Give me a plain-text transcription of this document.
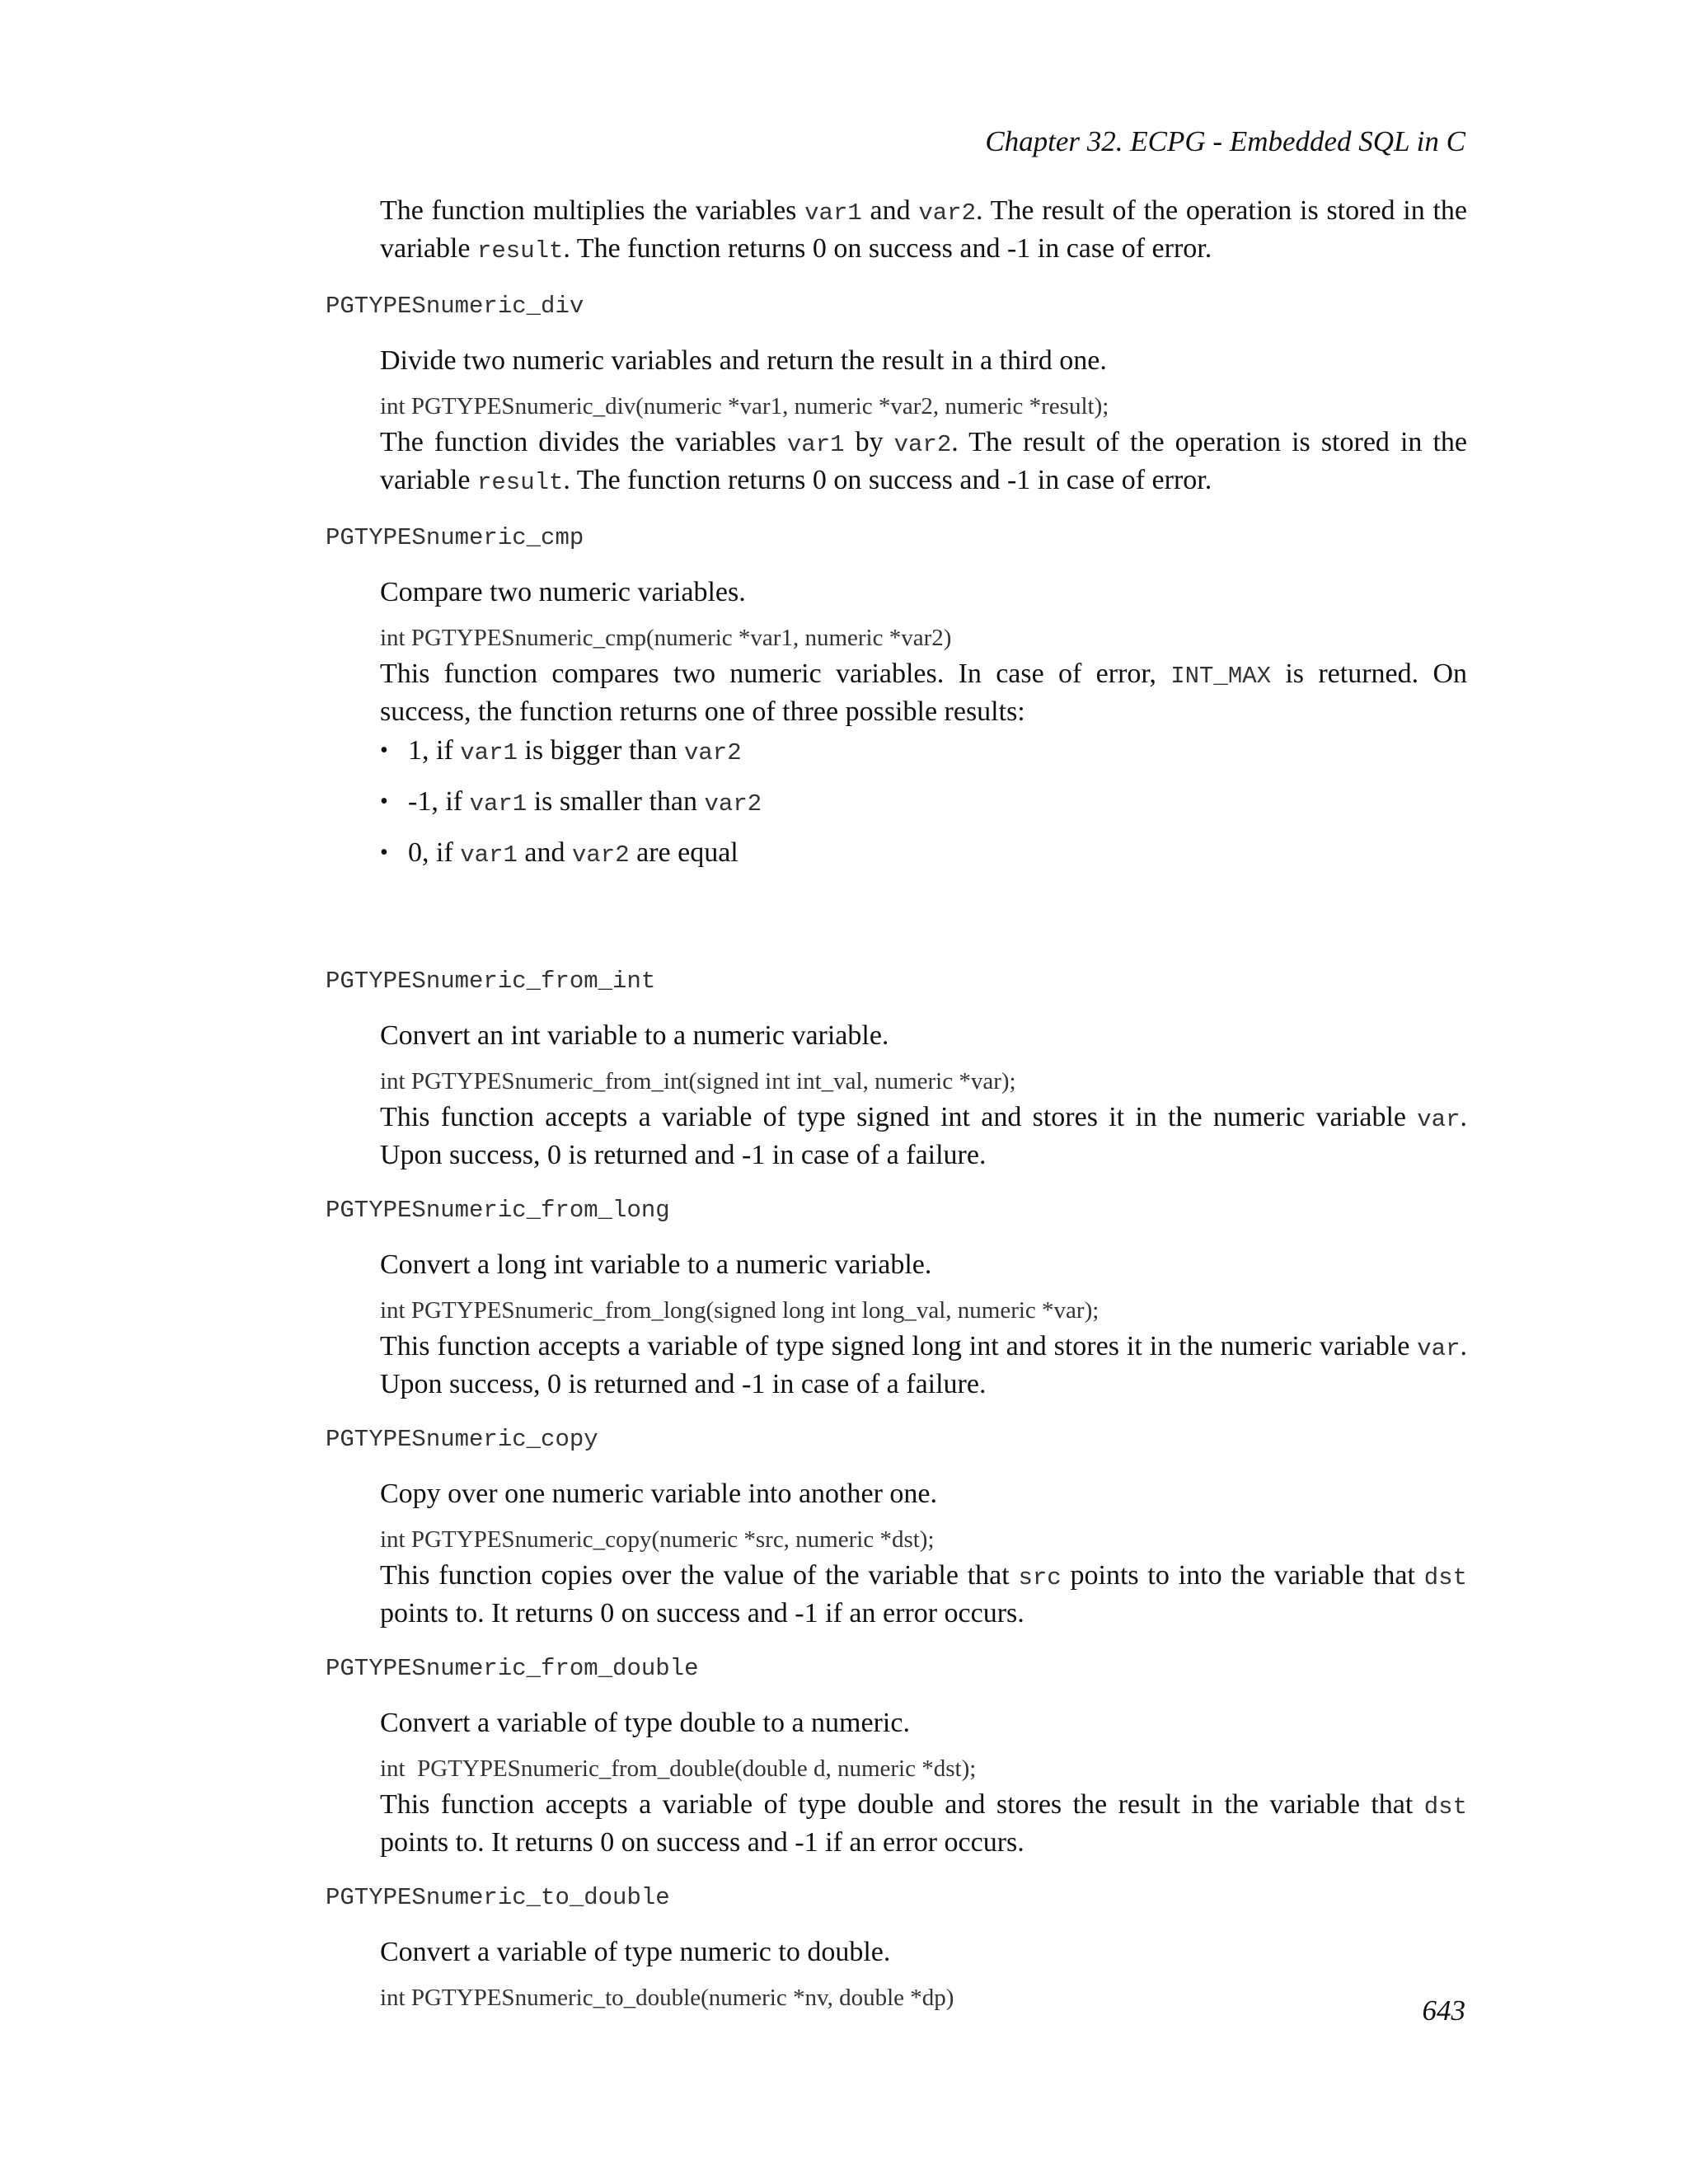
Chapter 32. ECPG - Embedded SQL in C

The function multiplies the variables var1 and var2. The result of the operation is stored in the variable result. The function returns 0 on success and -1 in case of error.

PGTYPESnumeric_div

Divide two numeric variables and return the result in a third one.

int PGTYPESnumeric_div(numeric *var1, numeric *var2, numeric *result);

The function divides the variables var1 by var2. The result of the operation is stored in the variable result. The function returns 0 on success and -1 in case of error.

PGTYPESnumeric_cmp

Compare two numeric variables.

int PGTYPESnumeric_cmp(numeric *var1, numeric *var2)

This function compares two numeric variables. In case of error, INT_MAX is returned. On success, the function returns one of three possible results:

• 1, if var1 is bigger than var2
• -1, if var1 is smaller than var2
• 0, if var1 and var2 are equal
PGTYPESnumeric_from_int

Convert an int variable to a numeric variable.

int PGTYPESnumeric_from_int(signed int int_val, numeric *var);

This function accepts a variable of type signed int and stores it in the numeric variable var. Upon success, 0 is returned and -1 in case of a failure.

PGTYPESnumeric_from_long

Convert a long int variable to a numeric variable.

int PGTYPESnumeric_from_long(signed long int long_val, numeric *var);

This function accepts a variable of type signed long int and stores it in the numeric variable var. Upon success, 0 is returned and -1 in case of a failure.

PGTYPESnumeric_copy

Copy over one numeric variable into another one.

int PGTYPESnumeric_copy(numeric *src, numeric *dst);

This function copies over the value of the variable that src points to into the variable that dst points to. It returns 0 on success and -1 if an error occurs.

PGTYPESnumeric_from_double

Convert a variable of type double to a numeric.

int  PGTYPESnumeric_from_double(double d, numeric *dst);

This function accepts a variable of type double and stores the result in the variable that dst points to. It returns 0 on success and -1 if an error occurs.

PGTYPESnumeric_to_double

Convert a variable of type numeric to double.

int PGTYPESnumeric_to_double(numeric *nv, double *dp)	643
